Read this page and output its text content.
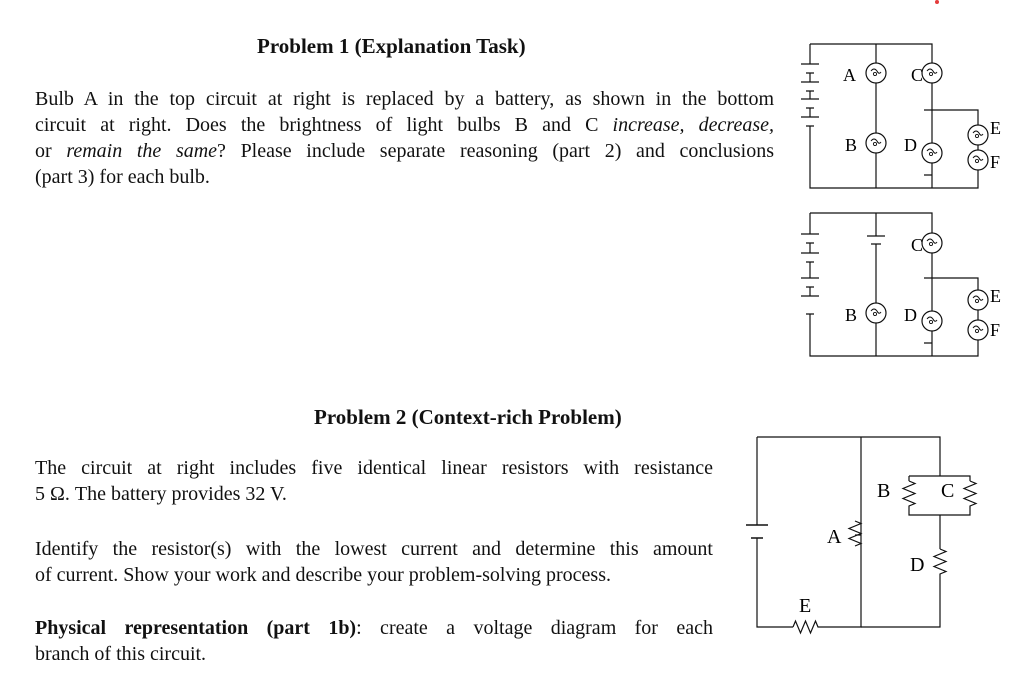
Problem 1 (Explanation Task)
Bulb A in the top circuit at right is replaced by a battery, as shown in the bottom
circuit at right. Does the brightness of light bulbs B and C increase, decrease,
or remain the same? Please include separate reasoning (part 2) and conclusions
(part 3) for each bulb.
Problem 2 (Context-rich Problem)
The circuit at right includes five identical linear resistors with resistance
5 Ω. The battery provides 32 V.
Identify the resistor(s) with the lowest current and determine this amount
of current. Show your work and describe your problem-solving process.
Physical representation (part 1b): create a voltage diagram for each
branch of this circuit.
A	C
B	D
E
F
C
B	D
E
F
B	C
A
D
E
